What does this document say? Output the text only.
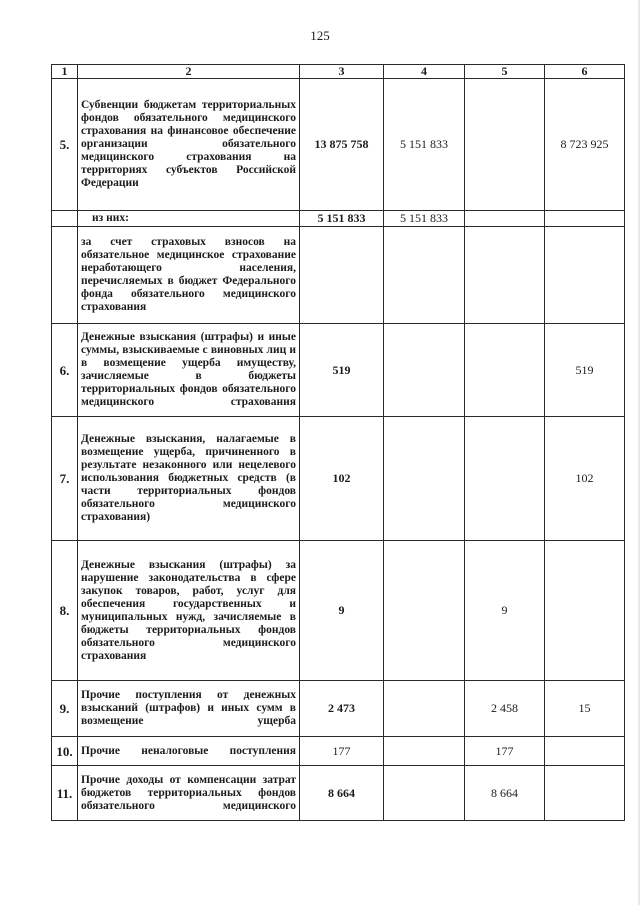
125
1	2	3	4	5	6
5.	Субвенции бюджетам территориальных фондов обязательного медицинского страхования на финансовое обеспечение организации обязательного медицинского страхования на территориях субъектов Российской Федерации	13 875 758	5 151 833		8 723 925
	из них:	5 151 833	5 151 833		
	за счет страховых взносов на обязательное медицинское страхование неработающего населения, перечисляемых в бюджет Федерального фонда обязательного медицинского страхования				
6.	Денежные взыскания (штрафы) и иные суммы, взыскиваемые с виновных лиц и в возмещение ущерба имуществу, зачисляемые в бюджеты территориальных фондов обязательного медицинского страхования	519			519
7.	Денежные взыскания, налагаемые в возмещение ущерба, причиненного в результате незаконного или нецелевого использования бюджетных средств (в части территориальных фондов обязательного медицинского страхования)	102			102
8.	Денежные взыскания (штрафы) за нарушение законодательства в сфере закупок товаров, работ, услуг для обеспечения государственных и муниципальных нужд, зачисляемые в бюджеты территориальных фондов обязательного медицинского страхования	9		9	
9.	Прочие поступления от денежных взысканий (штрафов) и иных сумм в возмещение ущерба	2 473		2 458	15
10.	Прочие неналоговые поступления	177		177	
11.	Прочие доходы от компенсации затрат бюджетов территориальных фондов обязательного медицинского	8 664		8 664	
